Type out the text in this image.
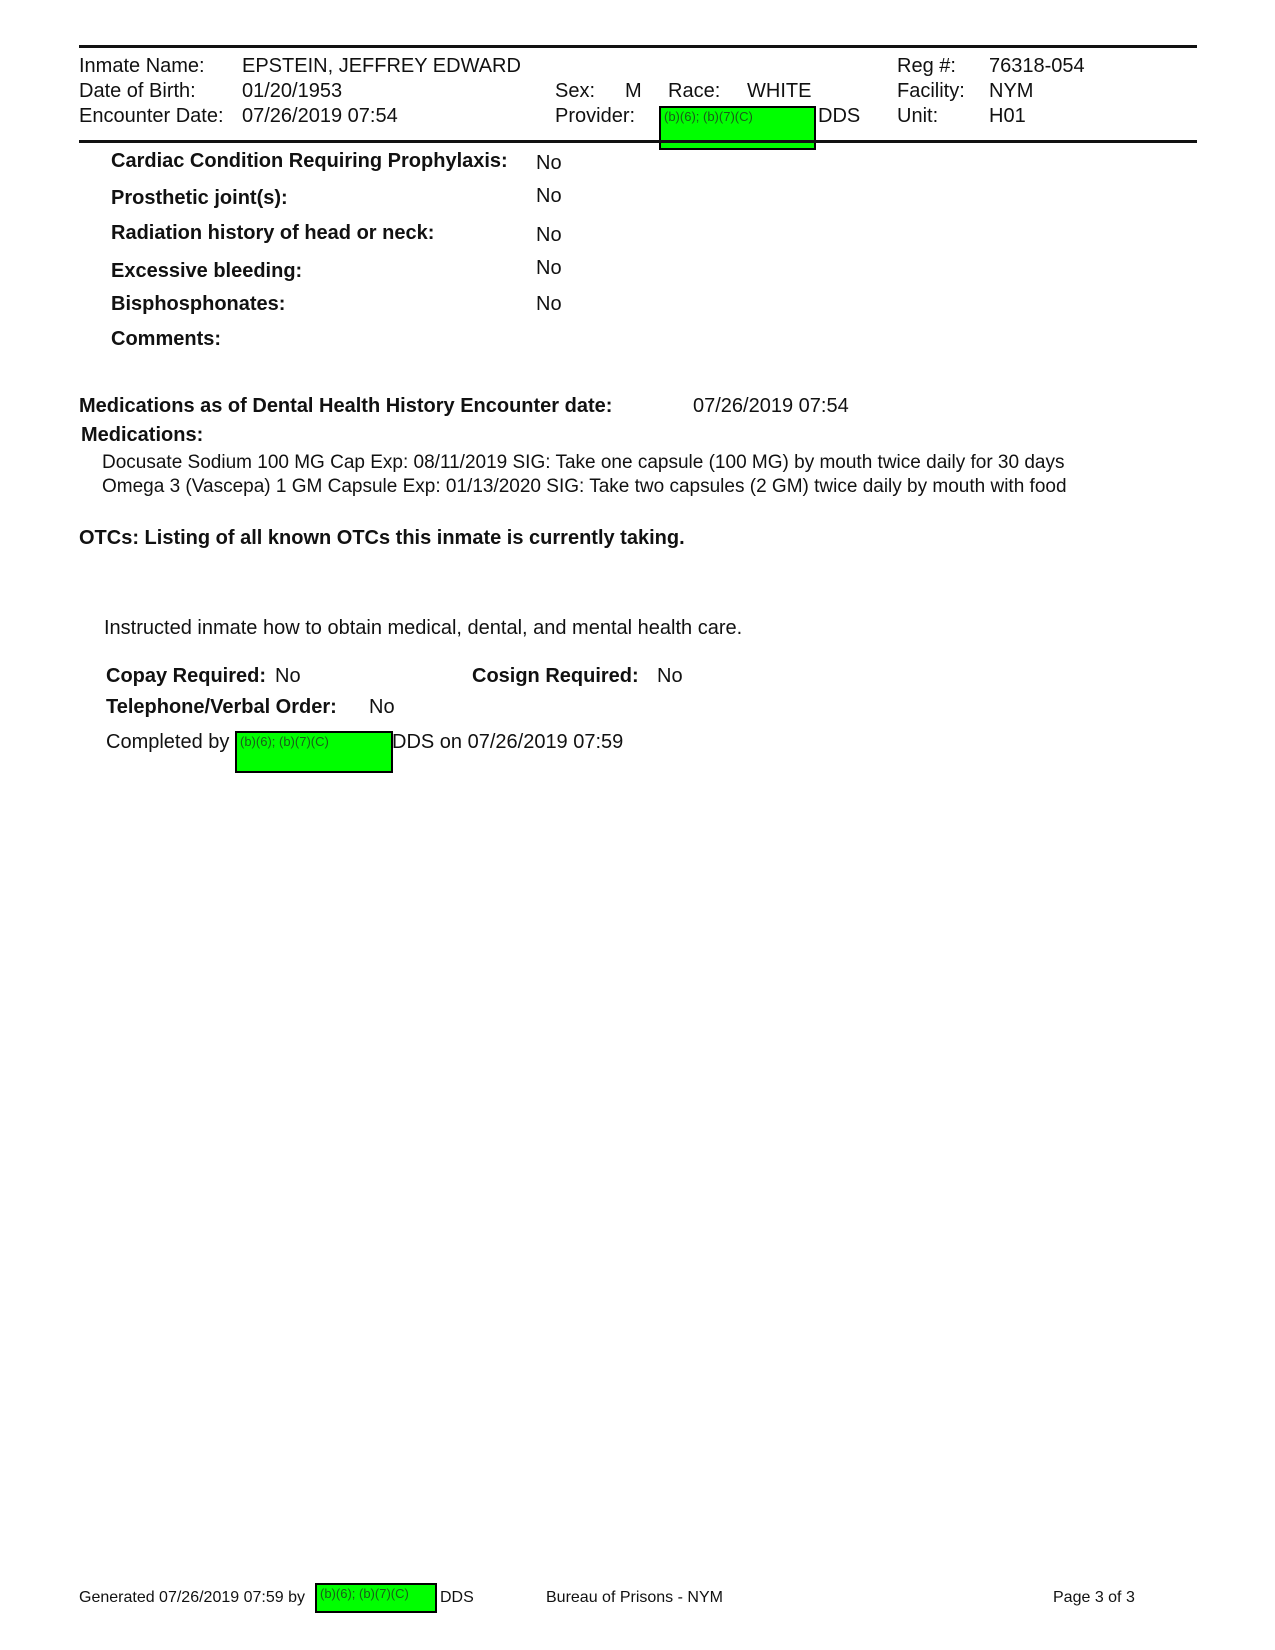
Inmate Name: EPSTEIN, JEFFREY EDWARD
Date of Birth: 01/20/1953
Encounter Date: 07/26/2019 07:54
Sex: M Race: WHITE
Provider:	(b)(6); (b)(7)(C)	DDS
Reg #: 76318-054
Facility: NYM
Unit:	H01
Cardiac Condition Requiring Prophylaxis: No
Prosthetic joint(s):	No
Radiation history of head or neck:	No
Excessive bleeding:	No
Bisphosphonates:	No
Comments:
Medications as of Dental Health History Encounter date:	07/26/2019 07:54
Medications:
Docusate Sodium 100 MG Cap Exp: 08/11/2019 SIG: Take one capsule (100 MG) by mouth twice daily for 30 days
Omega 3 (Vascepa) 1 GM Capsule Exp: 01/13/2020 SIG: Take two capsules (2 GM) twice daily by mouth with food
OTCs: Listing of all known OTCs this inmate is currently taking.
Instructed inmate how to obtain medical, dental, and mental health care.
Copay Required: No	Cosign Required: No
Telephone/Verbal Order: No
Completed by (b)(6); (b)(7)(C)	DDS on 07/26/2019 07:59
Generated 07/26/2019 07:59 by	(b)(6); (b)(7)(C)	DDS	Bureau of Prisons - NYM	Page 3 of 3
